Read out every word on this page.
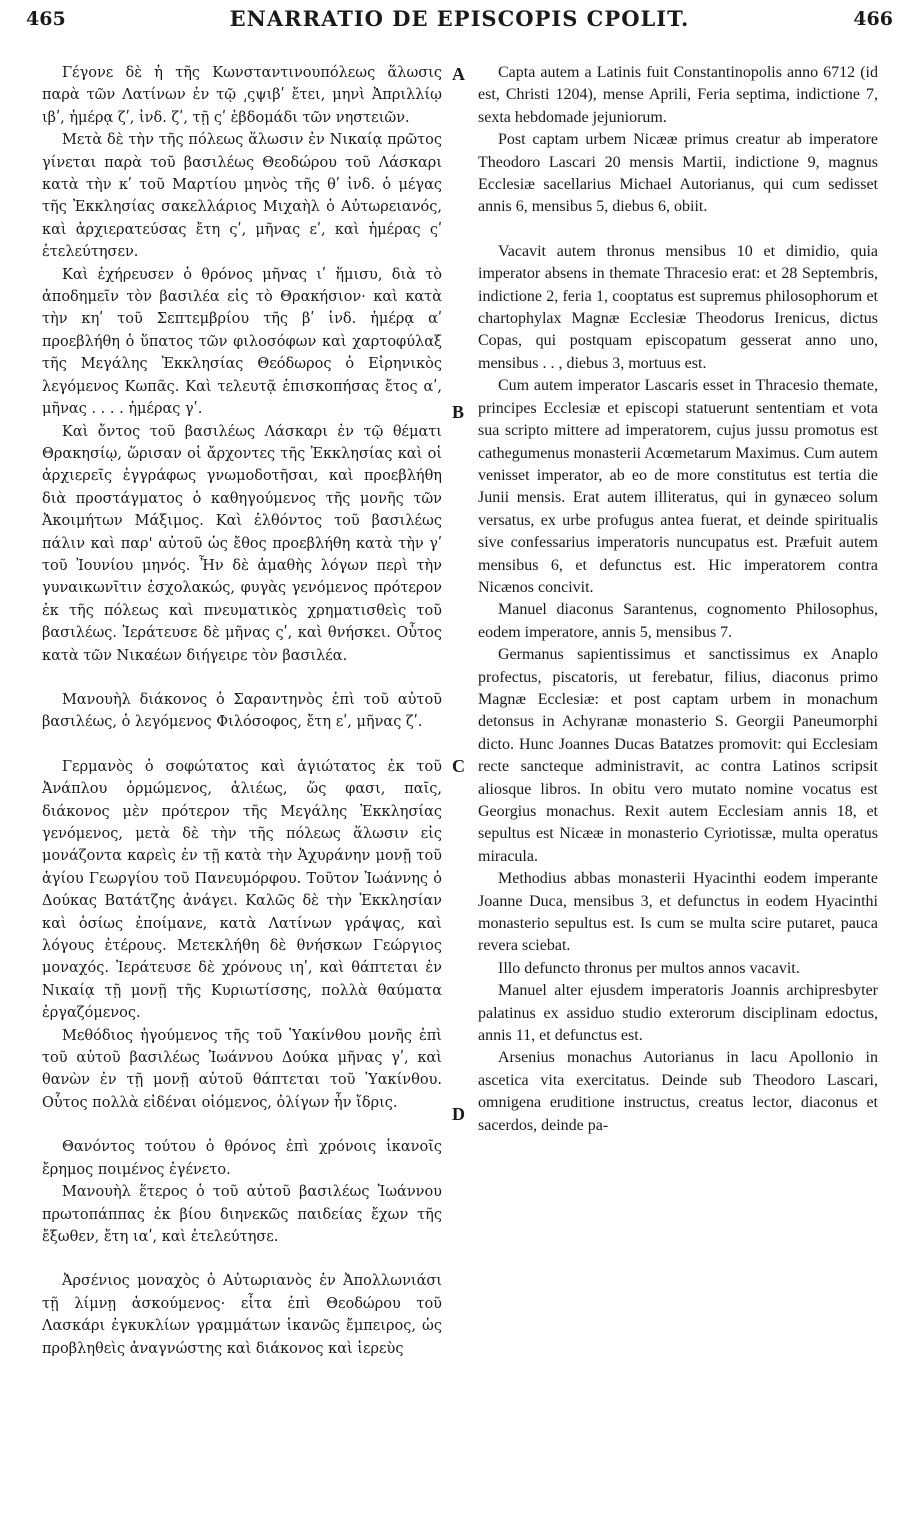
465	ENARRATIO DE EPISCOPIS CPOLIT.	466
A
B
C
D

Γέγονε δὲ ἡ τῆς Κωνσταντινουπόλεως ἅλωσις παρὰ τῶν Λατίνων ἐν τῷ ͵ςψιβʹ ἔτει, μηνὶ Ἀπριλλίῳ ιβʹ, ἡμέρᾳ ζʹ, ἰνδ. ζʹ, τῇ ςʹ ἑβδομάδι τῶν νηστειῶν.

Μετὰ δὲ τὴν τῆς πόλεως ἅλωσιν ἐν Νικαίᾳ πρῶτος γίνεται παρὰ τοῦ βασιλέως Θεοδώρου τοῦ Λάσκαρι κατὰ τὴν κʹ τοῦ Μαρτίου μηνὸς τῆς θʹ ἰνδ. ὁ μέγας τῆς Ἐκκλησίας σακελλάριος Μιχαὴλ ὁ Αὐτωρειανός, καὶ ἀρχιερατεύσας ἔτη ςʹ, μῆνας εʹ, καὶ ἡμέρας ςʹ ἐτελεύτησεν.

Καὶ ἐχήρευσεν ὁ θρόνος μῆνας ιʹ ἥμισυ, διὰ τὸ ἀποδημεῖν τὸν βασιλέα εἰς τὸ Θρακήσιον· καὶ κατὰ τὴν κηʹ τοῦ Σεπτεμβρίου τῆς βʹ ἰνδ. ἡμέρᾳ αʹ προεβλήθη ὁ ὕπατος τῶν φιλοσόφων καὶ χαρτοφύλαξ τῆς Μεγάλης Ἐκκλησίας Θεόδωρος ὁ Εἰρηνικὸς λεγόμενος Κωπᾶς. Καὶ τελευτᾷ ἐπισκοπήσας ἔτος αʹ, μῆνας . . . . ἡμέρας γʹ.

Καὶ ὄντος τοῦ βασιλέως Λάσκαρι ἐν τῷ θέματι Θρακησίῳ, ὥρισαν οἱ ἄρχοντες τῆς Ἐκκλησίας καὶ οἱ ἀρχιερεῖς ἐγγράφως γνωμοδοτῆσαι, καὶ προεβλήθη διὰ προστάγματος ὁ καθηγούμενος τῆς μονῆς τῶν Ἀκοιμήτων Μάξιμος. Καὶ ἐλθόντος τοῦ βασιλέως πάλιν καὶ παρ' αὐτοῦ ὡς ἔθος προεβλήθη κατὰ τὴν γʹ τοῦ Ἰουνίου μηνός. Ἦν δὲ ἀμαθὴς λόγων περὶ τὴν γυναικωνῖτιν ἐσχολακώς, φυγὰς γενόμενος πρότερον ἐκ τῆς πόλεως καὶ πνευματικὸς χρηματισθεὶς τοῦ βασιλέως. Ἱεράτευσε δὲ μῆνας ςʹ, καὶ θνήσκει. Οὗτος κατὰ τῶν Νικαέων διήγειρε τὸν βασιλέα.

Μανουὴλ διάκονος ὁ Σαραντηνὸς ἐπὶ τοῦ αὐτοῦ βασιλέως, ὁ λεγόμενος Φιλόσοφος, ἔτη εʹ, μῆνας ζʹ.

Γερμανὸς ὁ σοφώτατος καὶ ἁγιώτατος ἐκ τοῦ Ἀνάπλου ὁρμώμενος, ἁλιέως, ὥς φασι, παῖς, διάκονος μὲν πρότερον τῆς Μεγάλης Ἐκκλησίας γενόμενος, μετὰ δὲ τὴν τῆς πόλεως ἅλωσιν εἰς μονάζοντα καρεὶς ἐν τῇ κατὰ τὴν Ἀχυράνην μονῇ τοῦ ἁγίου Γεωργίου τοῦ Πανευμόρφου. Τοῦτον Ἰωάννης ὁ Δούκας Βατάτζης ἀνάγει. Καλῶς δὲ τὴν Ἐκκλησίαν καὶ ὁσίως ἐποίμανε, κατὰ Λατίνων γράψας, καὶ λόγους ἑτέρους. Μετεκλήθη δὲ θνήσκων Γεώργιος μοναχός. Ἱεράτευσε δὲ χρόνους ιηʹ, καὶ θάπτεται ἐν Νικαίᾳ τῇ μονῇ τῆς Κυριωτίσσης, πολλὰ θαύματα ἐργαζόμενος.

Μεθόδιος ἡγούμενος τῆς τοῦ Ὑακίνθου μονῆς ἐπὶ τοῦ αὐτοῦ βασιλέως Ἰωάννου Δούκα μῆνας γʹ, καὶ θανὼν ἐν τῇ μονῇ αὐτοῦ θάπτεται τοῦ Ὑακίνθου. Οὗτος πολλὰ εἰδέναι οἰόμενος, ὀλίγων ἦν ἴδρις.

Θανόντος τούτου ὁ θρόνος ἐπὶ χρόνοις ἱκανοῖς ἔρημος ποιμένος ἐγένετο.

Μανουὴλ ἕτερος ὁ τοῦ αὐτοῦ βασιλέως Ἰωάννου πρωτοπάππας ἐκ βίου διηνεκῶς παιδείας ἔχων τῆς ἔξωθεν, ἔτη ιαʹ, καὶ ἐτελεύτησε.

Ἀρσένιος μοναχὸς ὁ Αὐτωριανὸς ἐν Ἀπολλωνιάσι τῇ λίμνῃ ἀσκούμενος· εἶτα ἐπὶ Θεοδώρου τοῦ Λασκάρι ἐγκυκλίων γραμμάτων ἱκανῶς ἔμπειρος, ὡς προβληθεὶς ἀναγνώστης καὶ διάκονος καὶ ἱερεὺς

Capta autem a Latinis fuit Constantinopolis anno 6712 (id est, Christi 1204), mense Aprili, Feria septima, indictione 7, sexta hebdomade jejuniorum.

Post captam urbem Nicææ primus creatur ab imperatore Theodoro Lascari 20 mensis Martii, indictione 9, magnus Ecclesiæ sacellarius Michael Autorianus, qui cum sedisset annis 6, mensibus 5, diebus 6, obiit.

Vacavit autem thronus mensibus 10 et dimidio, quia imperator absens in themate Thracesio erat: et 28 Septembris, indictione 2, feria 1, cooptatus est supremus philosophorum et chartophylax Magnæ Ecclesiæ Theodorus Irenicus, dictus Copas, qui postquam episcopatum gesserat anno uno, mensibus . . , diebus 3, mortuus est.

Cum autem imperator Lascaris esset in Thracesio themate, principes Ecclesiæ et episcopi statuerunt sententiam et vota sua scripto mittere ad imperatorem, cujus jussu promotus est cathegumenus monasterii Acœmetarum Maximus. Cum autem venisset imperator, ab eo de more constitutus est tertia die Junii mensis. Erat autem illiteratus, qui in gynæceo solum versatus, ex urbe profugus antea fuerat, et deinde spiritualis sive confessarius imperatoris nuncupatus est. Præfuit autem mensibus 6, et defunctus est. Hic imperatorem contra Nicænos concivit.

Manuel diaconus Sarantenus, cognomento Philosophus, eodem imperatore, annis 5, mensibus 7.

Germanus sapientissimus et sanctissimus ex Anaplo profectus, piscatoris, ut ferebatur, filius, diaconus primo Magnæ Ecclesiæ: et post captam urbem in monachum detonsus in Achyranæ monasterio S. Georgii Paneumorphi dicto. Hunc Joannes Ducas Batatzes promovit: qui Ecclesiam recte sancteque administravit, ac contra Latinos scripsit aliosque libros. In obitu vero mutato nomine vocatus est Georgius monachus. Rexit autem Ecclesiam annis 18, et sepultus est Nicææ in monasterio Cyriotissæ, multa operatus miracula.

Methodius abbas monasterii Hyacinthi eodem imperante Joanne Duca, mensibus 3, et defunctus in eodem Hyacinthi monasterio sepultus est. Is cum se multa scire putaret, pauca revera sciebat.

Illo defuncto thronus per multos annos vacavit.

Manuel alter ejusdem imperatoris Joannis archipresbyter palatinus ex assiduo studio exterorum disciplinam edoctus, annis 11, et defunctus est.

Arsenius monachus Autorianus in lacu Apollonio in ascetica vita exercitatus. Deinde sub Theodoro Lascari, omnigena eruditione instructus, creatus lector, diaconus et sacerdos, deinde pa-
